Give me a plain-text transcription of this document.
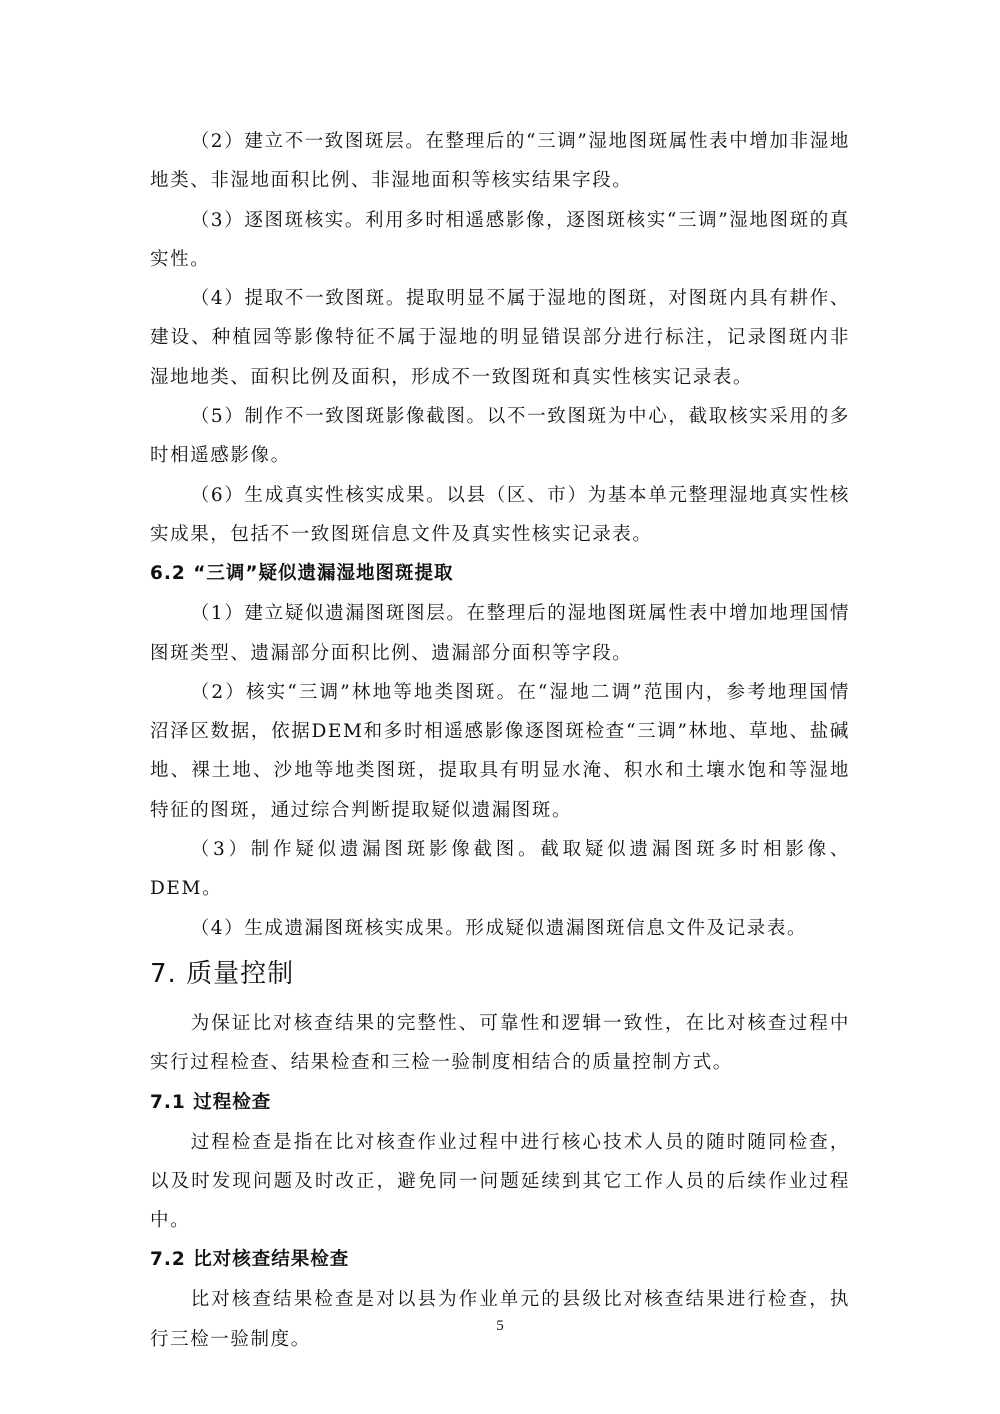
（2）建立不一致图斑层。在整理后的“三调”湿地图斑属性表中增加非湿地地类、非湿地面积比例、非湿地面积等核实结果字段。

（3）逐图斑核实。利用多时相遥感影像，逐图斑核实“三调”湿地图斑的真实性。

（4）提取不一致图斑。提取明显不属于湿地的图斑，对图斑内具有耕作、建设、种植园等影像特征不属于湿地的明显错误部分进行标注，记录图斑内非湿地地类、面积比例及面积，形成不一致图斑和真实性核实记录表。

（5）制作不一致图斑影像截图。以不一致图斑为中心，截取核实采用的多时相遥感影像。

（6）生成真实性核实成果。以县（区、市）为基本单元整理湿地真实性核实成果，包括不一致图斑信息文件及真实性核实记录表。

6.2 “三调”疑似遗漏湿地图斑提取

（1）建立疑似遗漏图斑图层。在整理后的湿地图斑属性表中增加地理国情图斑类型、遗漏部分面积比例、遗漏部分面积等字段。

（2）核实“三调”林地等地类图斑。在“湿地二调”范围内，参考地理国情沼泽区数据，依据DEM和多时相遥感影像逐图斑检查“三调”林地、草地、盐碱地、裸土地、沙地等地类图斑，提取具有明显水淹、积水和土壤水饱和等湿地特征的图斑，通过综合判断提取疑似遗漏图斑。

（3）制作疑似遗漏图斑影像截图。截取疑似遗漏图斑多时相影像、DEM。

（4）生成遗漏图斑核实成果。形成疑似遗漏图斑信息文件及记录表。

7. 质量控制

为保证比对核查结果的完整性、可靠性和逻辑一致性，在比对核查过程中实行过程检查、结果检查和三检一验制度相结合的质量控制方式。

7.1 过程检查

过程检查是指在比对核查作业过程中进行核心技术人员的随时随同检查，以及时发现问题及时改正，避免同一问题延续到其它工作人员的后续作业过程中。

7.2 比对核查结果检查

比对核查结果检查是对以县为作业单元的县级比对核查结果进行检查，执行三检一验制度。

5
